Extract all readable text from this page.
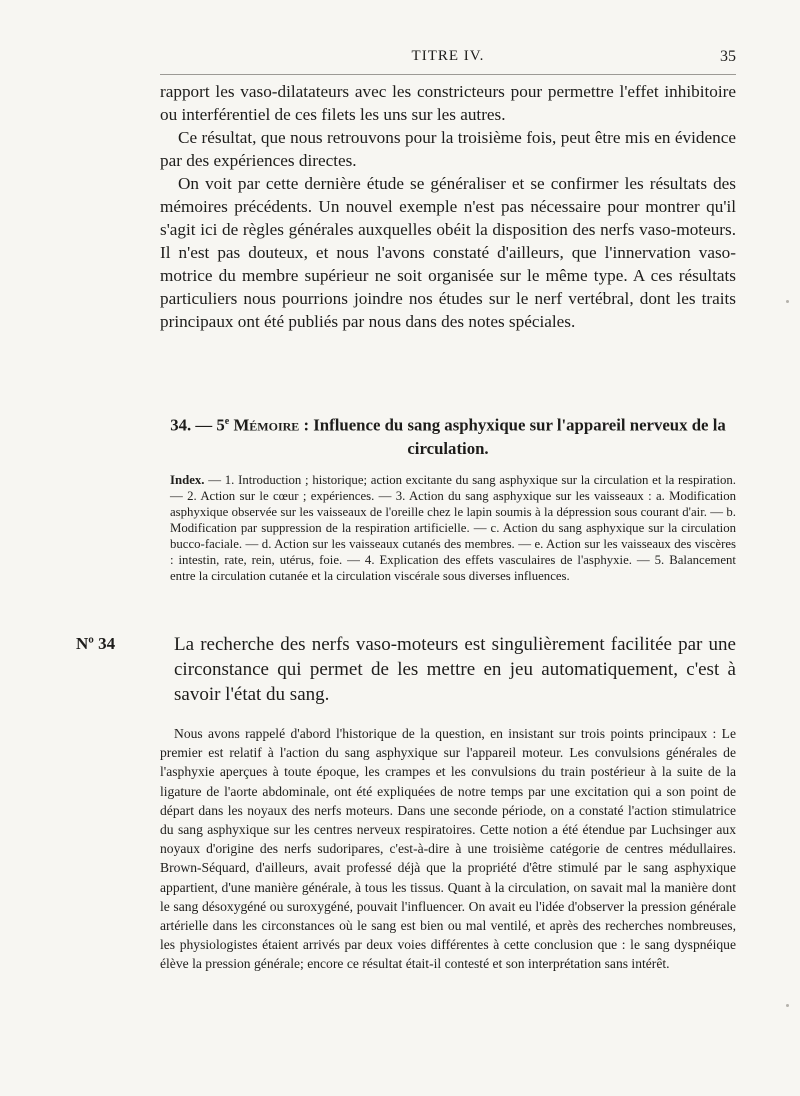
TITRE IV.	35

rapport les vaso-dilatateurs avec les constricteurs pour permettre l'effet inhibitoire ou interférentiel de ces filets les uns sur les autres.

Ce résultat, que nous retrouvons pour la troisième fois, peut être mis en évidence par des expériences directes.

On voit par cette dernière étude se généraliser et se confirmer les résultats des mémoires précédents. Un nouvel exemple n'est pas nécessaire pour montrer qu'il s'agit ici de règles générales auxquelles obéit la disposition des nerfs vaso-moteurs. Il n'est pas douteux, et nous l'avons constaté d'ailleurs, que l'innervation vaso-motrice du membre supérieur ne soit organisée sur le même type. A ces résultats particuliers nous pourrions joindre nos études sur le nerf vertébral, dont les traits principaux ont été publiés par nous dans des notes spéciales.

34. — 5e Mémoire : Influence du sang asphyxique sur l'appareil nerveux de la circulation.
Index. — 1. Introduction ; historique; action excitante du sang asphyxique sur la circulation et la respiration. — 2. Action sur le cœur ; expériences. — 3. Action du sang asphyxique sur les vaisseaux : a. Modification asphyxique observée sur les vaisseaux de l'oreille chez le lapin soumis à la dépression sous courant d'air. — b. Modification par suppression de la respiration artificielle. — c. Action du sang asphyxique sur la circulation bucco-faciale. — d. Action sur les vaisseaux cutanés des membres. — e. Action sur les vaisseaux des viscères : intestin, rate, rein, utérus, foie. — 4. Explication des effets vasculaires de l'asphyxie. — 5. Balancement entre la circulation cutanée et la circulation viscérale sous diverses influences.
Nº 34	La recherche des nerfs vaso-moteurs est singulièrement facilitée par une circonstance qui permet de les mettre en jeu automatiquement, c'est à savoir l'état du sang.

Nous avons rappelé d'abord l'historique de la question, en insistant sur trois points principaux : Le premier est relatif à l'action du sang asphyxique sur l'appareil moteur. Les convulsions générales de l'asphyxie aperçues à toute époque, les crampes et les convulsions du train postérieur à la suite de la ligature de l'aorte abdominale, ont été expliquées de notre temps par une excitation qui a son point de départ dans les noyaux des nerfs moteurs. Dans une seconde période, on a constaté l'action stimulatrice du sang asphyxique sur les centres nerveux respiratoires. Cette notion a été étendue par Luchsinger aux noyaux d'origine des nerfs sudoripares, c'est-à-dire à une troisième catégorie de centres médullaires. Brown-Séquard, d'ailleurs, avait professé déjà que la propriété d'être stimulé par le sang asphyxique appartient, d'une manière générale, à tous les tissus. Quant à la circulation, on savait mal la manière dont le sang désoxygéné ou suroxygéné, pouvait l'influencer. On avait eu l'idée d'observer la pression générale artérielle dans les circonstances où le sang est bien ou mal ventilé, et après des recherches nombreuses, les physiologistes étaient arrivés par deux voies différentes à cette conclusion que : le sang dyspnéique élève la pression générale; encore ce résultat était-il contesté et son interprétation sans intérêt.
